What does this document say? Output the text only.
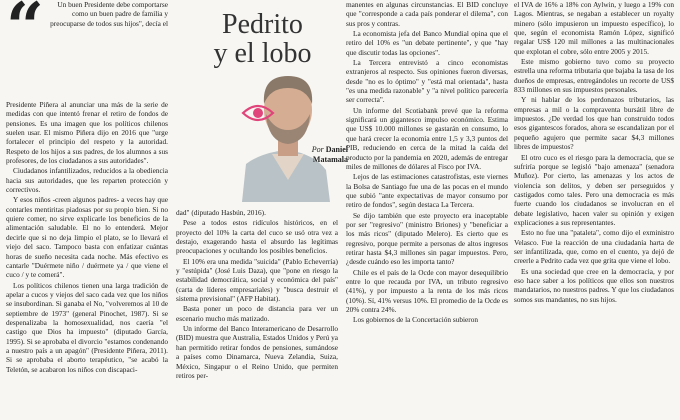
“	Un buen Presidente debe comportarse como un buen padre de familia y preocuparse de todos sus hijos", decía el

Presidente Piñera al anunciar una más de la serie de medidas con que intentó frenar el retiro de fondos de pensiones. Es una imagen que los políticos chilenos suelen usar. El mismo Piñera dijo en 2016 que "urge fortalecer el principio del respeto y la autoridad. Respeto de los hijos a sus padres, de los alumnos a sus profesores, de los ciudadanos a sus autoridades".

Ciudadanos infantilizados, reducidos a la obediencia hacia sus autoridades, que les reparten protección y correctivos.

Y esos niños -creen algunos padres- a veces hay que contarles mentiritas piadosas por su propio bien. Si no quiere comer, no sirve explicarle los beneficios de la alimentación saludable. El no lo entenderá. Mejor decirle que si no deja limpio el plato, se lo llevará el viejo del saco. Tampoco basta con enfatizar cuántas horas de sueño necesita cada noche. Más efectivo es cantarle "Duérmete niño / duérmete ya / que viene el cuco / y te comerá".

Los políticos chilenos tienen una larga tradición de apelar a cucos y viejos del saco cada vez que los niños se insubordinan. Si ganaba el No, "volveremos al 10 de septiembre de 1973" (general Pinochet, 1987). Si se despenalizaba la homosexualidad, nos caería "el castigo que Dios ha impuesto" (diputado García, 1995). Si se aprobaba el divorcio "estamos condenando a nuestro país a un apagón" (Presidente Piñera, 2011). Si se aprobaba el aborto terapéutico, "se acabó la Teletón, se acabaron los niños con discapaci-

Pedrito
y el lobo
Por Daniel
Matamala

dad" (diputado Hasbún, 2016).

Pese a todos estos ridículos históricos, en el proyecto del 10% la carta del cuco se usó otra vez a destajo, exagerando hasta el absurdo las legítimas preocupaciones y ocultando los posibles beneficios.

El 10% era una medida "suicida" (Pablo Echeverría) y "estúpida" (José Luis Daza), que "pone en riesgo la estabilidad democrática, social y económica del país" (carta de líderes empresariales) y "busca destruir el sistema previsional" (AFP Habitat).

Basta poner un poco de distancia para ver un escenario mucho más matizado.

Un informe del Banco Interamericano de Desarrollo (BID) muestra que Australia, Estados Unidos y Perú ya han permitido retirar fondos de pensiones, sumándose a países como Dinamarca, Nueva Zelandia, Suiza, México, Singapur o el Reino Unido, que permiten retiros per-

manentes en algunas circunstancias. El BID concluye que "corresponde a cada país ponderar el dilema", con sus pros y contras.

La economista jefa del Banco Mundial opina que el retiro del 10% es "un debate pertinente", y que "hay que discutir todas las opciones".

La Tercera entrevistó a cinco economistas extranjeros al respecto. Sus opiniones fueron diversas, desde "no es lo óptimo" y "está mal orientada", hasta "es una medida razonable" y "a nivel político parecería ser correcta".

Un informe del Scotiabank prevé que la reforma significará un gigantesco impulso económico. Estima que US$ 10.000 millones se gastarán en consumo, lo que hará crecer la economía entre 1,5 y 3,3 puntos del PIB, reduciendo en cerca de la mitad la caída del producto por la pandemia en 2020, además de entregar miles de millones de dólares al Fisco por IVA.

Lejos de las estimaciones catastrofistas, este viernes la Bolsa de Santiago fue una de las pocas en el mundo que subió "ante expectativas de mayor consumo por retiro de fondos", según destaca La Tercera.

Se dijo también que este proyecto era inaceptable por ser "regresivo" (ministro Briones) y "beneficiar a los más ricos" (diputado Melero). Es cierto que es regresivo, porque permite a personas de altos ingresos retirar hasta $4,3 millones sin pagar impuestos. Pero, ¿desde cuándo eso les importa tanto?

Chile es el país de la Ocde con mayor desequilibrio entre lo que recauda por IVA, un tributo regresivo (41%), y por impuesto a la renta de los más ricos (10%). Sí, 41% versus 10%. El promedio de la Ocde es 20% contra 24%.

Los gobiernos de la Concertación subieron

el IVA de 16% a 18% con Aylwin, y luego a 19% con Lagos. Mientras, se negaban a establecer un royalty minero (sólo impusieron un impuesto específico), lo que, según el economista Ramón López, significó regalar US$ 120 mil millones a las multinacionales que explotan el cobre, sólo entre 2005 y 2015.

Este mismo gobierno tuvo como su proyecto estrella una reforma tributaria que bajaba la tasa de los dueños de empresas, entregándoles un recorte de US$ 833 millones en sus impuestos personales.

Y ni hablar de los perdonazos tributarios, las empresas a mil o la compraventa bursátil libre de impuestos. ¿De verdad los que han construido todos esos gigantescos forados, ahora se escandalizan por el pequeño agujero que permite sacar $4,3 millones libres de impuestos?

El otro cuco es el riesgo para la democracia, que se sufriría porque se legisló "bajo amenaza" (senadora Muñoz). Por cierto, las amenazas y los actos de violencia son delitos, y deben ser perseguidos y castigados como tales. Pero una democracia es más fuerte cuando los ciudadanos se involucran en el debate legislativo, hacen valer su opinión y exigen explicaciones a sus representantes.

Esto no fue una "pataleta", como dijo el exministro Velasco. Fue la reacción de una ciudadanía harta de ser infantilizada, que, como en el cuento, ya dejó de creerle a Pedrito cada vez que grita que viene el lobo.

Es una sociedad que cree en la democracia, y por eso hace saber a los políticos que ellos son nuestros mandatarios, no nuestros padres. Y que los ciudadanos somos sus mandantes, no sus hijos.
